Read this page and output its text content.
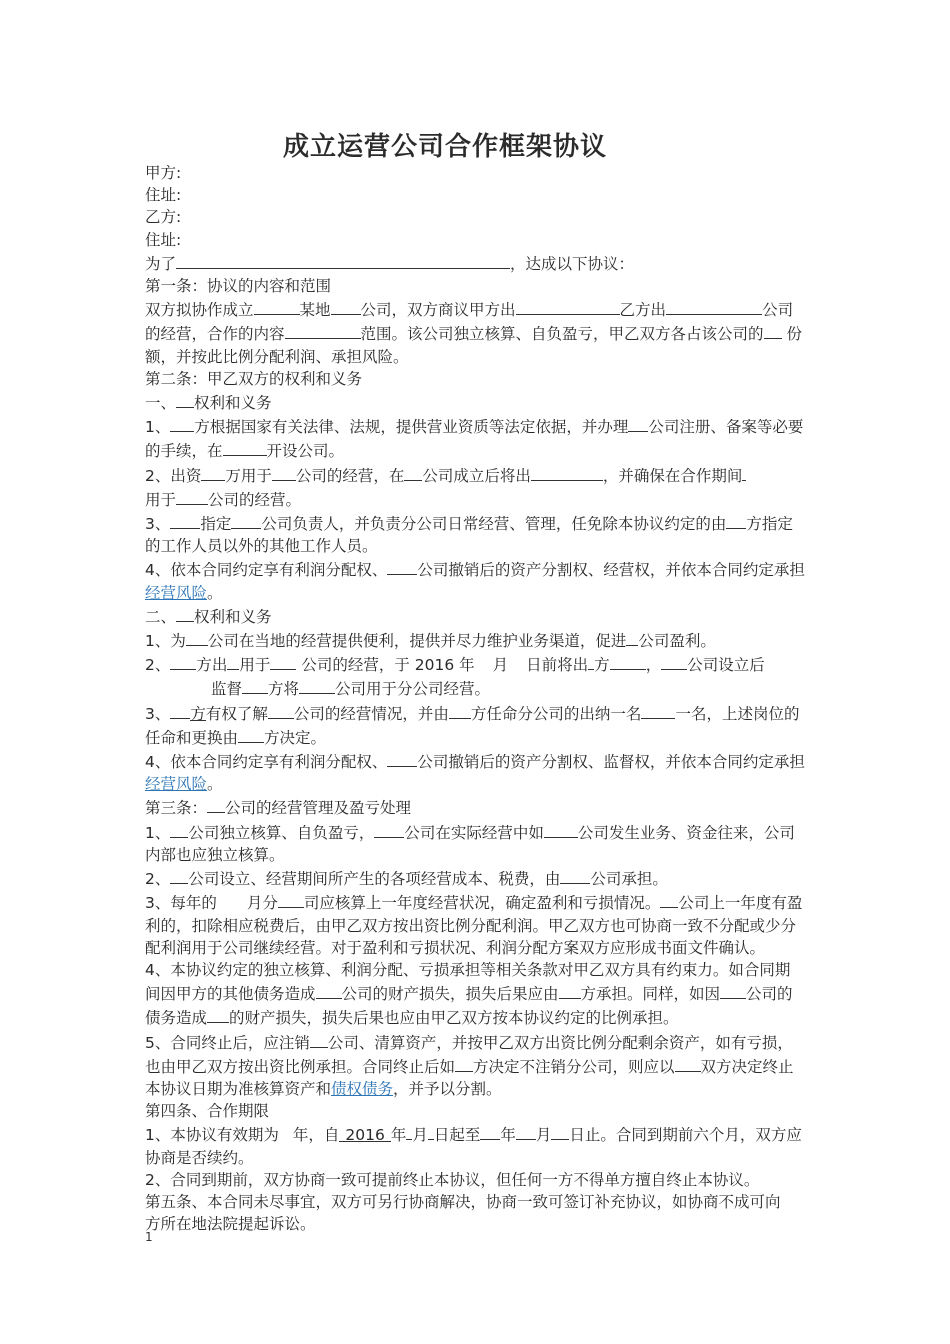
成立运营公司合作框架协议

甲方:

住址:

乙方:

住址:

为了	，达成以下协议：

第一条：协议的内容和范围

双方拟协作成立	某地 公司，双方商议甲方出	乙方出	公司的经营，合作的内容	范围。该公司独立核算、自负盈亏，甲乙双方各占该公司的 份额，并按此比例分配利润、承担风险。

第二条：甲乙双方的权利和义务

一、 权利和义务

1、 方根据国家有关法律、法规，提供营业资质等法定依据，并办理 公司注册、备案等必要的手续，在	开设公司。

2、出资 万用于 公司的经营，在 公司成立后将出	，并确保在合作期间
用于 公司的经营。

3、 指定 公司负责人，并负责分公司日常经营、管理，任免除本协议约定的由 方指定的工作人员以外的其他工作人员。

4、依本合同约定享有利润分配权、 公司撤销后的资产分割权、经营权，并依本合同约定承担经营风险。

二、 权利和义务

1、为 公司在当地的经营提供便利，提供并尽力维护业务渠道，促进 公司盈利。

2、 方出 用于 公司的经营，于 2016 年 月 日前将出 方 ， 公司设立后
监督 方将 公司用于分公司经营。

3、 方有权了解 公司的经营情况，并由 方任命分公司的出纳一名 一名，上述岗位的任命和更换由 方决定。

4、依本合同约定享有利润分配权、 公司撤销后的资产分割权、监督权，并依本合同约定承担经营风险。

第三条： 公司的经营管理及盈亏处理

1、 公司独立核算、自负盈亏， 公司在实际经营中如 公司发生业务、资金往来，公司内部也应独立核算。

2、 公司设立、经营期间所产生的各项经营成本、税费，由 公司承担。

3、每年的 月分 司应核算上一年度经营状况，确定盈利和亏损情况。 公司上一年度有盈利的，扣除相应税费后，由甲乙双方按出资比例分配利润。甲乙双方也可协商一致不分配或少分配利润用于公司继续经营。对于盈利和亏损状况、利润分配方案双方应形成书面文件确认。

4、本协议约定的独立核算、利润分配、亏损承担等相关条款对甲乙双方具有约束力。如合同期间因甲方的其他债务造成 公司的财产损失，损失后果应由 方承担。同样，如因 公司的债务造成 的财产损失，损失后果也应由甲乙双方按本协议约定的比例承担。

5、合同终止后，应注销 公司、清算资产，并按甲乙双方出资比例分配剩余资产，如有亏损，也由甲乙双方按出资比例承担。合同终止后如 方决定不注销分公司，则应以 双方决定终止本协议日期为准核算资产和债权债务，并予以分割。

第四条、合作期限

1、本协议有效期为 年，自 2016 年 月 日起至 年 月 日止。合同到期前六个月，双方应协商是否续约。

2、合同到期前，双方协商一致可提前终止本协议，但任何一方不得单方擅自终止本协议。

第五条、本合同未尽事宜，双方可另行协商解决，协商一致可签订补充协议，如协商不成可向方所在地法院提起诉讼。

1
